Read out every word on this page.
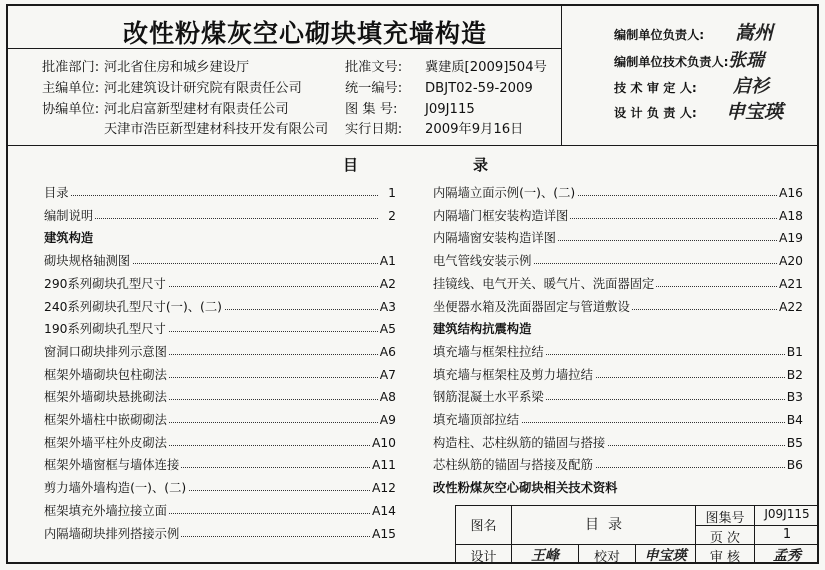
改性粉煤灰空心砌块填充墙构造
批准部门: 河北省住房和城乡建设厅
主编单位: 河北建筑设计研究院有限责任公司
协编单位: 河北启富新型建材有限责任公司
天津市浩臣新型建材科技开发有限公司
批准文号: 冀建质[2009]504号
统一编号: DBJT02-59-2009
图 集 号: J09J115
实行日期: 2009年9月16日
编制单位负责人:
编制单位技术负责人:
技 术 审 定 人:
设 计 负 责 人:
嵩州
张瑞
启衫
申宝瑛
目	录
目录	1
编制说明	2
建筑构造
砌块规格轴测图	A1
290系列砌块孔型尺寸	A2
240系列砌块孔型尺寸(一)、(二)	A3
190系列砌块孔型尺寸	A5
窗洞口砌块排列示意图	A6
框架外墙砌块包柱砌法	A7
框架外墙砌块悬挑砌法	A8
框架外墙柱中嵌砌砌法	A9
框架外墙平柱外皮砌法	A10
框架外墙窗框与墙体连接	A11
剪力墙外墙构造(一)、(二)	A12
框架填充外墙拉接立面	A14
内隔墙砌块排列搭接示例	A15
内隔墙立面示例(一)、(二)	A16
内隔墙门框安装构造详图	A18
内隔墙窗安装构造详图	A19
电气管线安装示例	A20
挂镜线、电气开关、暖气片、洗面器固定	A21
坐便器水箱及洗面器固定与管道敷设	A22
建筑结构抗震构造
填充墙与框架柱拉结	B1
填充墙与框架柱及剪力墙拉结	B2
钢筋混凝土水平系梁	B3
填充墙顶部拉结	B4
构造柱、芯柱纵筋的锚固与搭接	B5
芯柱纵筋的锚固与搭接及配筋	B6
改性粉煤灰空心砌块相关技术资料
图名	目  录	图集号	J09J115
页 次	1
设计	王峰	校对	申宝瑛	审 核	孟秀
